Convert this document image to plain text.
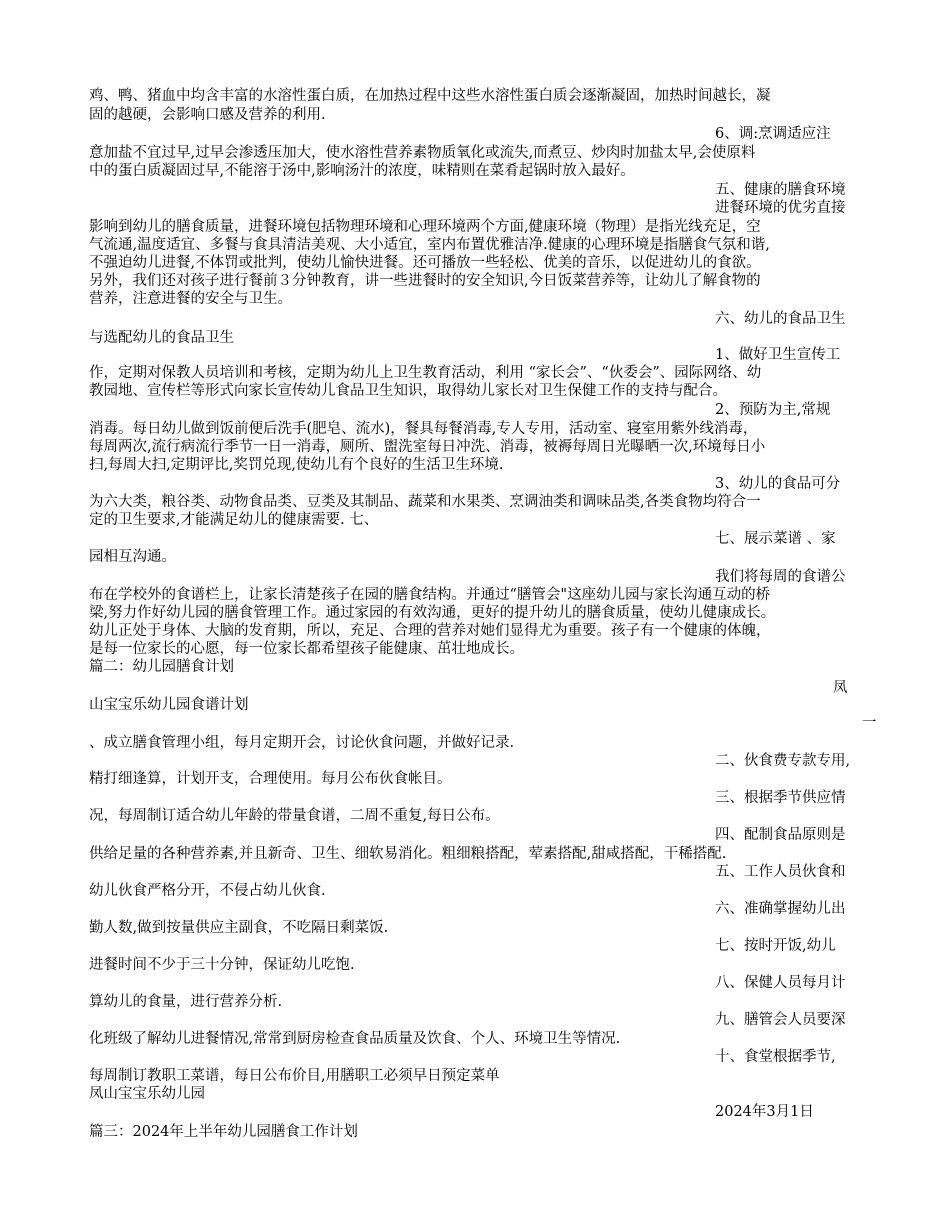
鸡、鸭、猪血中均含丰富的水溶性蛋白质，在加热过程中这些水溶性蛋白质会逐渐凝固，加热时间越长，凝

固的越硬，会影响口感及营养的利用.

6、调:烹调适应注

意加盐不宜过早,过早会渗透压加大，使水溶性营养素物质氧化或流失,而煮豆、炒肉时加盐太早,会使原料

中的蛋白质凝固过早,不能溶于汤中,影响汤汁的浓度，味精则在菜肴起锅时放入最好。

五、健康的膳食环境

进餐环境的优劣直接

影响到幼儿的膳食质量，进餐环境包括物理环境和心理环境两个方面,健康环境（物理）是指光线充足，空

气流通,温度适宜、多餐与食具清洁美观、大小适宜，室内布置优雅洁净.健康的心理环境是指膳食气氛和谐,

不强迫幼儿进餐,不体罚或批判，使幼儿愉快进餐。还可播放一些轻松、优美的音乐，以促进幼儿的食欲。

另外，我们还对孩子进行餐前３分钟教育，讲一些进餐时的安全知识,今日饭菜营养等，让幼儿了解食物的

营养，注意进餐的安全与卫生。

六、幼儿的食品卫生

与选配幼儿的食品卫生

1、做好卫生宣传工

作，定期对保教人员培训和考核，定期为幼儿上卫生教育活动，利用 “家长会”、“伙委会”、园际网络、幼

教园地、宣传栏等形式向家长宣传幼儿食品卫生知识，取得幼儿家长对卫生保健工作的支持与配合。

2、预防为主,常规

消毒。每日幼儿做到饭前便后洗手(肥皂、流水)，餐具每餐消毒,专人专用，活动室、寝室用紫外线消毒，

每周两次,流行病流行季节一日一消毒，厕所、盥洗室每日冲洗、消毒，被褥每周日光曝晒一次,环境每日小

扫,每周大扫,定期评比,奖罚兑现,使幼儿有个良好的生活卫生环境.

3、幼儿的食品可分

为六大类，粮谷类、动物食品类、豆类及其制品、蔬菜和水果类、烹调油类和调味品类,各类食物均符合一

定的卫生要求,才能满足幼儿的健康需要. 七、

七、展示菜谱 、家

园相互沟通。

我们将每周的食谱公

布在学校外的食谱栏上，让家长清楚孩子在园的膳食结构。并通过“膳管会"这座幼儿园与家长沟通互动的桥

梁,努力作好幼儿园的膳食管理工作。通过家园的有效沟通，更好的提升幼儿的膳食质量，使幼儿健康成长。

幼儿正处于身体、大脑的发育期，所以，充足、合理的营养对她们显得尤为重要。孩子有一个健康的体魄，

是每一位家长的心愿，每一位家长都希望孩子能健康、茁壮地成长。

篇二：幼儿园膳食计划

凤

山宝宝乐幼儿园食谱计划

一

、成立膳食管理小组，每月定期开会，讨论伙食问题，并做好记录.

二、伙食费专款专用,

精打细逢算，计划开支，合理使用。每月公布伙食帐目。

三、根据季节供应情

况，每周制订适合幼儿年龄的带量食谱，二周不重复,每日公布。

四、配制食品原则是

供给足量的各种营养素,并且新奇、卫生、细软易消化。粗细粮搭配，荤素搭配,甜咸搭配，干稀搭配.

五、工作人员伙食和

幼儿伙食严格分开，不侵占幼儿伙食.

六、准确掌握幼儿出

勤人数,做到按量供应主副食，不吃隔日剩菜饭.

七、按时开饭,幼儿

进餐时间不少于三十分钟，保证幼儿吃饱.

八、保健人员每月计

算幼儿的食量，进行营养分析.

九、膳管会人员要深

化班级了解幼儿进餐情况,常常到厨房检查食品质量及饮食、个人、环境卫生等情况.

十、食堂根据季节,

每周制订教职工菜谱，每日公布价目,用膳职工必须早日预定菜单

凤山宝宝乐幼儿园

2024年3月1日

篇三：2024年上半年幼儿园膳食工作计划
